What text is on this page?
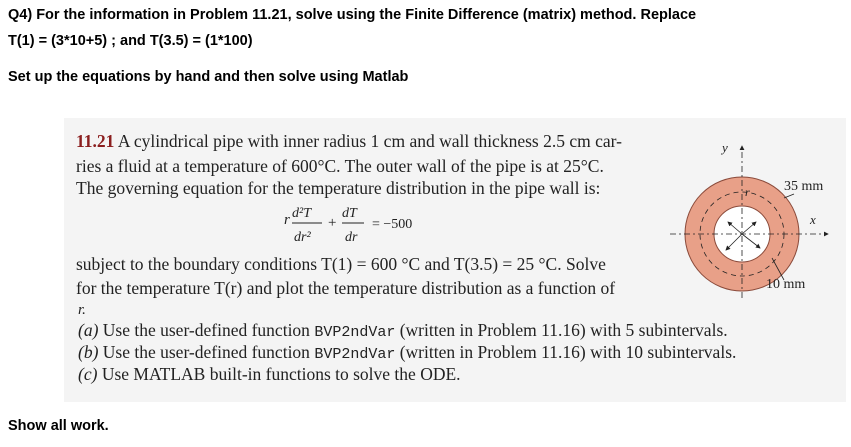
Q4) For the information in Problem 11.21, solve using the Finite Difference (matrix) method. Replace
T(1) = (3*10+5) ; and T(3.5) = (1*100)
Set up the equations by hand and then solve using Matlab
11.21 A cylindrical pipe with inner radius 1 cm and wall thickness 2.5 cm car-
ries a fluid at a temperature of 600°C. The outer wall of the pipe is at 25°C.
The governing equation for the temperature distribution in the pipe wall is:
r d²T
dr²
+
dT
dr
= −500
subject to the boundary conditions T(1) = 600 °C and T(3.5) = 25 °C. Solve
for the temperature T(r) and plot the temperature distribution as a function of
r.
(a) Use the user-defined function BVP2ndVar (written in Problem 11.16) with 5 subintervals.
(b) Use the user-defined function BVP2ndVar (written in Problem 11.16) with 10 subintervals.
(c) Use MATLAB built-in functions to solve the ODE.
y
x
r 35 mm
10 mm
Show all work.
